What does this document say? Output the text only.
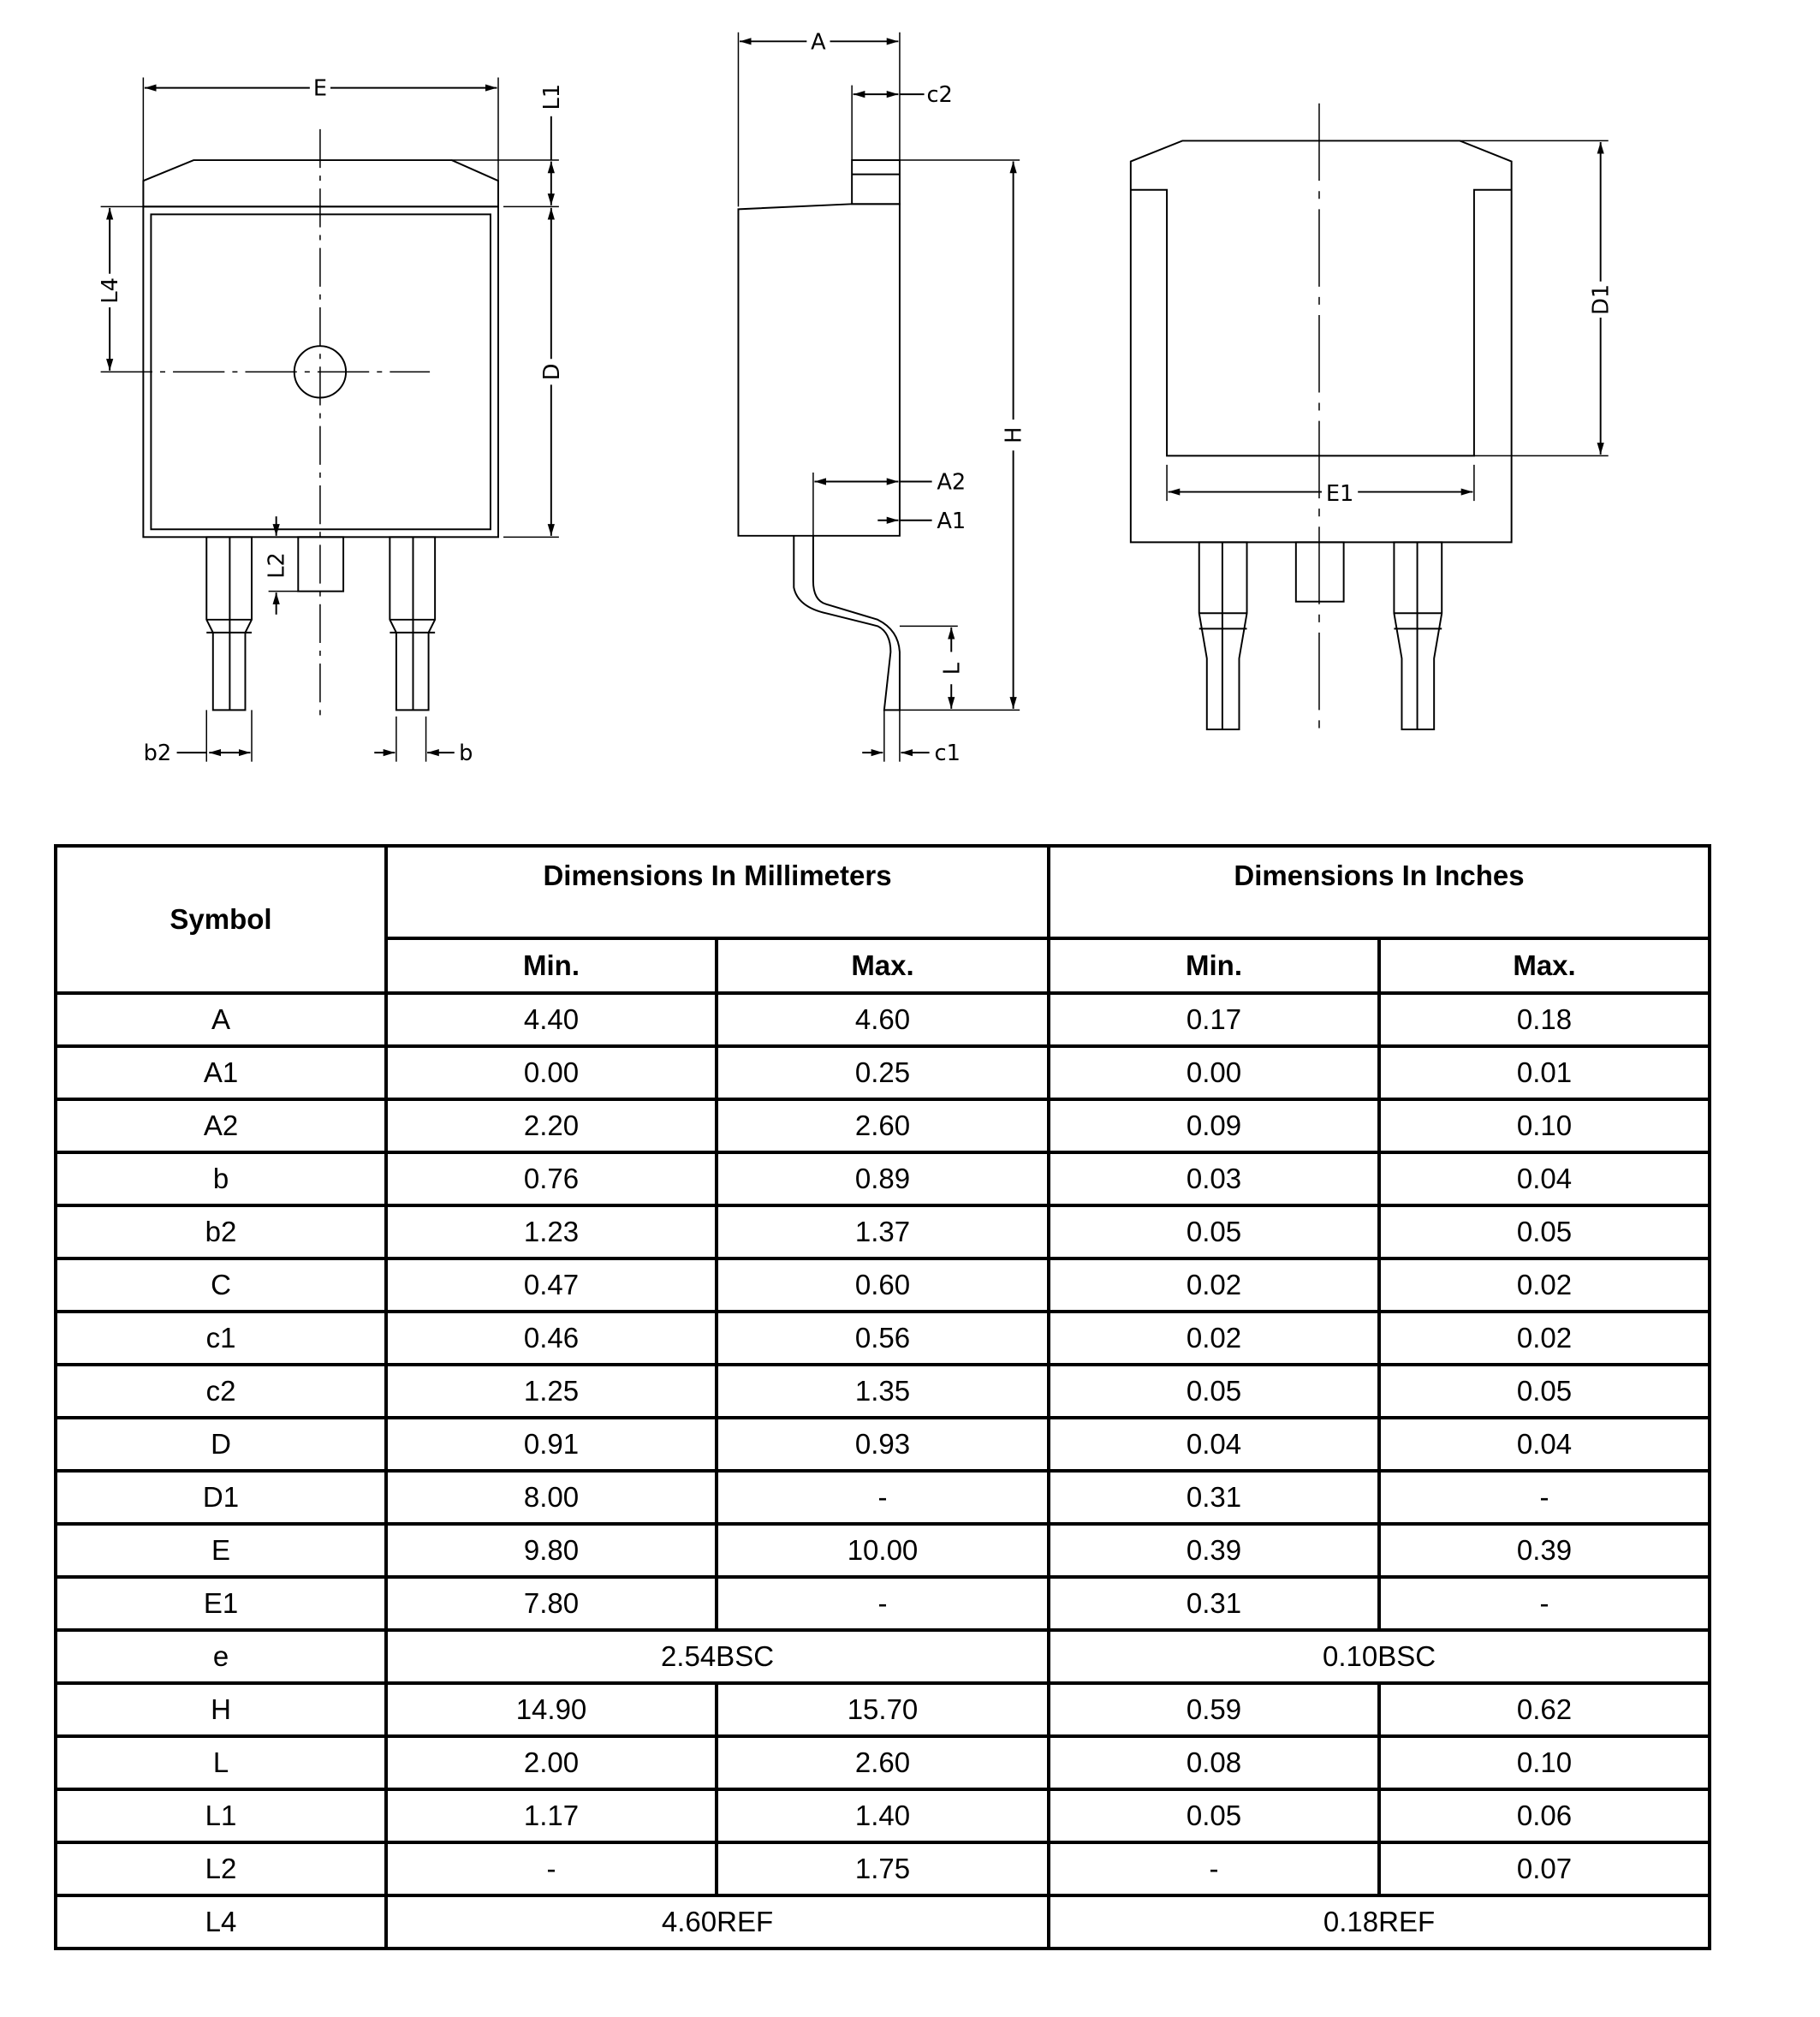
E	L1
D
L4
L2
b2	b
A
c2
H
A2
A1
L
c1
D1
E1
Symbol	Dimensions In Millimeters		Dimensions In Inches	
	Min.	Max.	Min.	Max.
A	4.40	4.60	0.17	0.18
A1	0.00	0.25	0.00	0.01
A2	2.20	2.60	0.09	0.10
b	0.76	0.89	0.03	0.04
b2	1.23	1.37	0.05	0.05
C	0.47	0.60	0.02	0.02
c1	0.46	0.56	0.02	0.02
c2	1.25	1.35	0.05	0.05
D	0.91	0.93	0.04	0.04
D1	8.00	-	0.31	-
E	9.80	10.00	0.39	0.39
E1	7.80	-	0.31	-
e	2.54BSC		0.10BSC	
H	14.90	15.70	0.59	0.62
L	2.00	2.60	0.08	0.10
L1	1.17	1.40	0.05	0.06
L2	-	1.75	-	0.07
L4	4.60REF		0.18REF	
